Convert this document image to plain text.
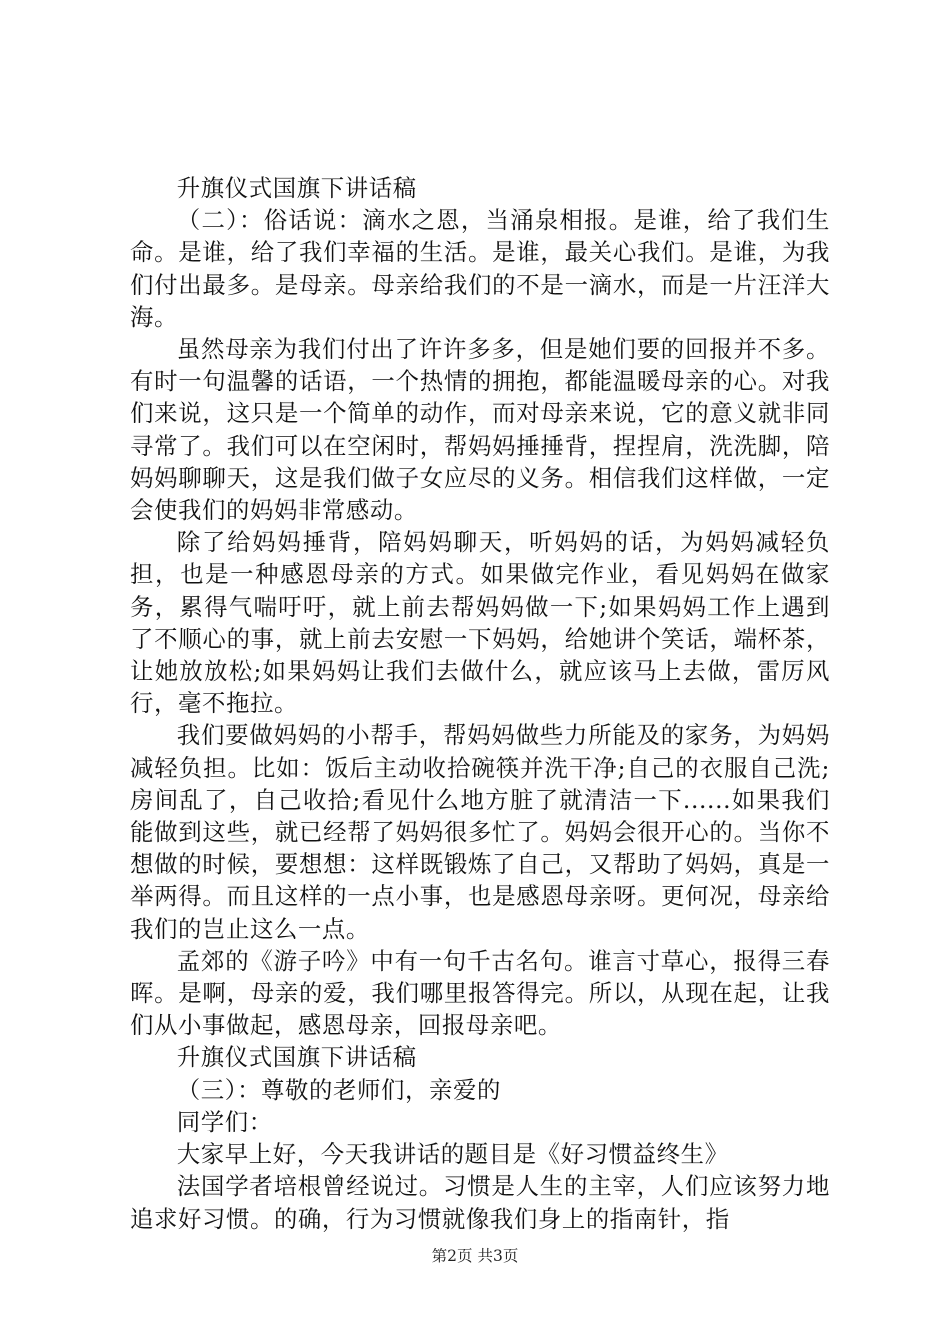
升旗仪式国旗下讲话稿

（二）：俗话说：滴水之恩，当涌泉相报。是谁，给了我们生命。是谁，给了我们幸福的生活。是谁，最关心我们。是谁，为我们付出最多。是母亲。母亲给我们的不是一滴水，而是一片汪洋大海。

虽然母亲为我们付出了许许多多，但是她们要的回报并不多。有时一句温馨的话语，一个热情的拥抱，都能温暖母亲的心。对我们来说，这只是一个简单的动作，而对母亲来说，它的意义就非同寻常了。我们可以在空闲时，帮妈妈捶捶背，捏捏肩，洗洗脚，陪妈妈聊聊天，这是我们做子女应尽的义务。相信我们这样做，一定会使我们的妈妈非常感动。

除了给妈妈捶背，陪妈妈聊天，听妈妈的话，为妈妈减轻负担，也是一种感恩母亲的方式。如果做完作业，看见妈妈在做家务，累得气喘吁吁，就上前去帮妈妈做一下;如果妈妈工作上遇到了不顺心的事，就上前去安慰一下妈妈，给她讲个笑话，端杯茶，让她放放松;如果妈妈让我们去做什么，就应该马上去做，雷厉风行，毫不拖拉。

我们要做妈妈的小帮手，帮妈妈做些力所能及的家务，为妈妈减轻负担。比如：饭后主动收拾碗筷并洗干净;自己的衣服自己洗;房间乱了，自己收拾;看见什么地方脏了就清洁一下......如果我们能做到这些，就已经帮了妈妈很多忙了。妈妈会很开心的。当你不想做的时候，要想想：这样既锻炼了自己，又帮助了妈妈，真是一举两得。而且这样的一点小事，也是感恩母亲呀。更何况，母亲给我们的岂止这么一点。

孟郊的《游子吟》中有一句千古名句。谁言寸草心，报得三春晖。是啊，母亲的爱，我们哪里报答得完。所以，从现在起，让我们从小事做起，感恩母亲，回报母亲吧。

升旗仪式国旗下讲话稿

（三）：尊敬的老师们，亲爱的

同学们：

大家早上好，今天我讲话的题目是《好习惯益终生》

法国学者培根曾经说过。习惯是人生的主宰，人们应该努力地追求好习惯。的确，行为习惯就像我们身上的指南针，指

第2页 共3页
